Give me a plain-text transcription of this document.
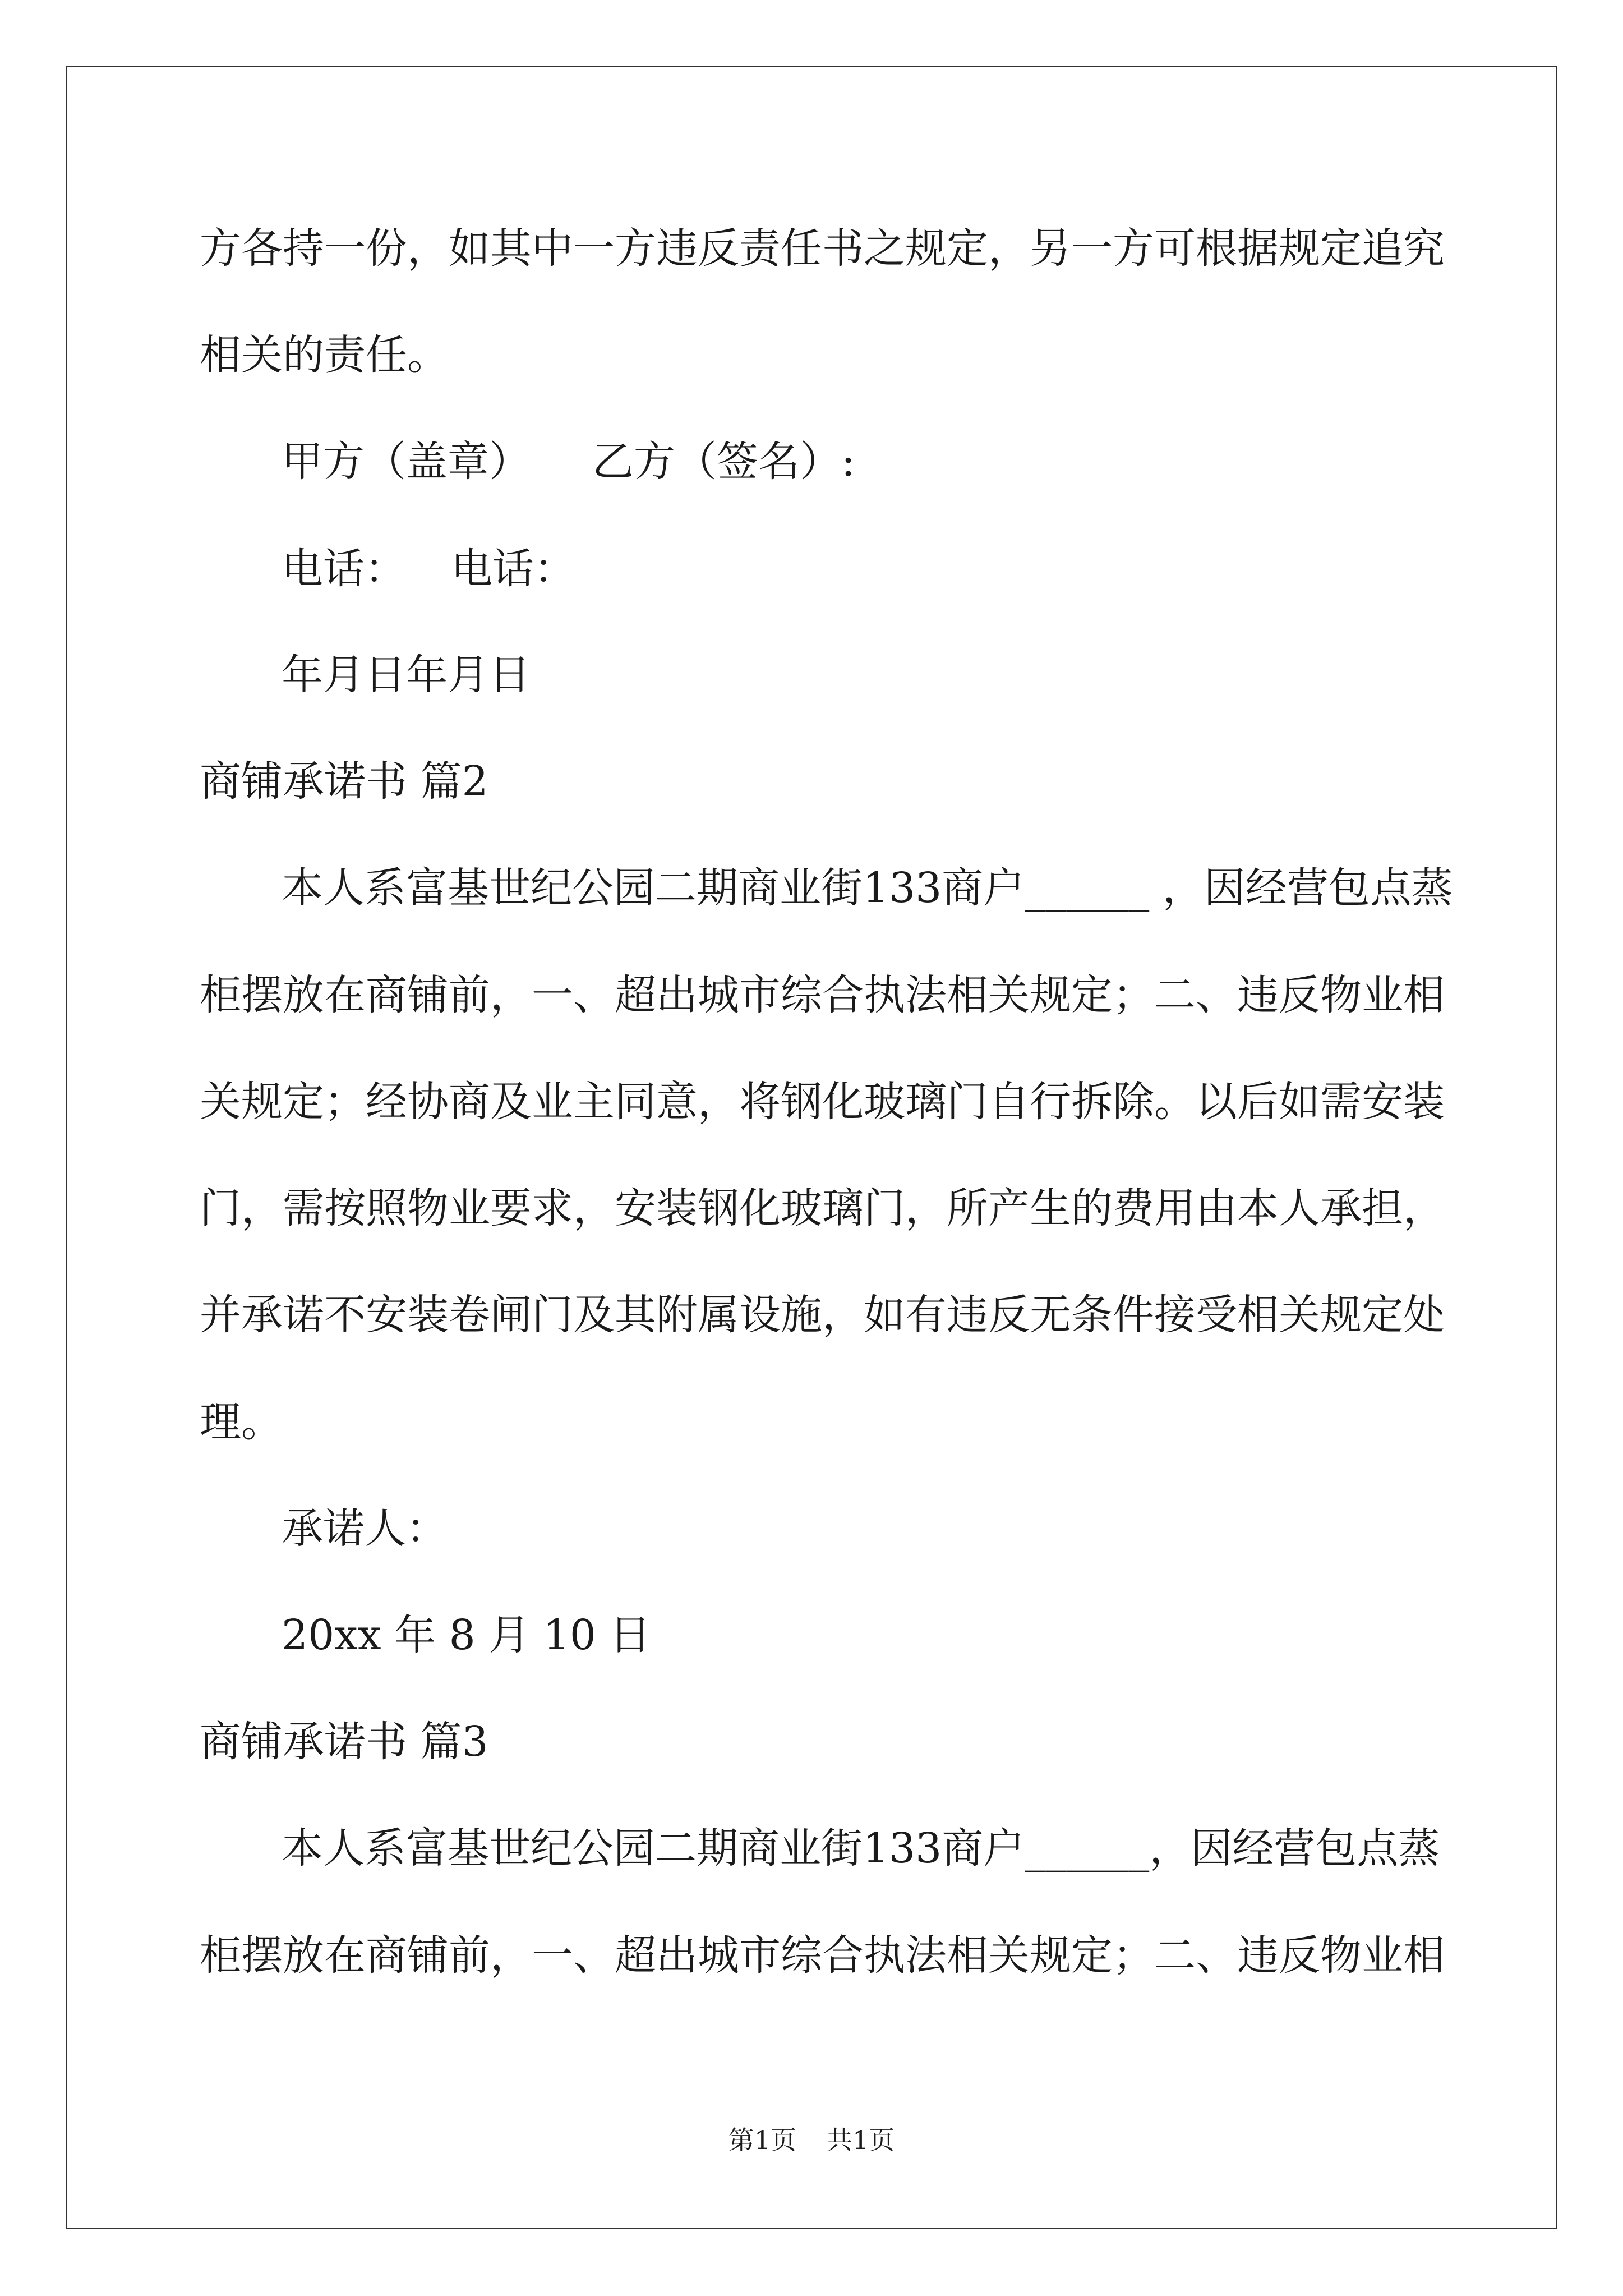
方各持一份，如其中一方违反责任书之规定，另一方可根据规定追究
相关的责任。
甲方（盖章） 乙方（签名）:
电话： 电话：
年月日年月日
商铺承诺书 篇2
本人系富基世纪公园二期商业街133商户______ ，因经营包点蒸
柜摆放在商铺前，一、超出城市综合执法相关规定；二、违反物业相
关规定；经协商及业主同意，将钢化玻璃门自行拆除。以后如需安装
门，需按照物业要求，安装钢化玻璃门，所产生的费用由本人承担，
并承诺不安装卷闸门及其附属设施，如有违反无条件接受相关规定处
理。
承诺人：
20xx 年 8 月 10 日
商铺承诺书 篇3
本人系富基世纪公园二期商业街133商户______，因经营包点蒸
柜摆放在商铺前，一、超出城市综合执法相关规定；二、违反物业相
第1页 共1页
